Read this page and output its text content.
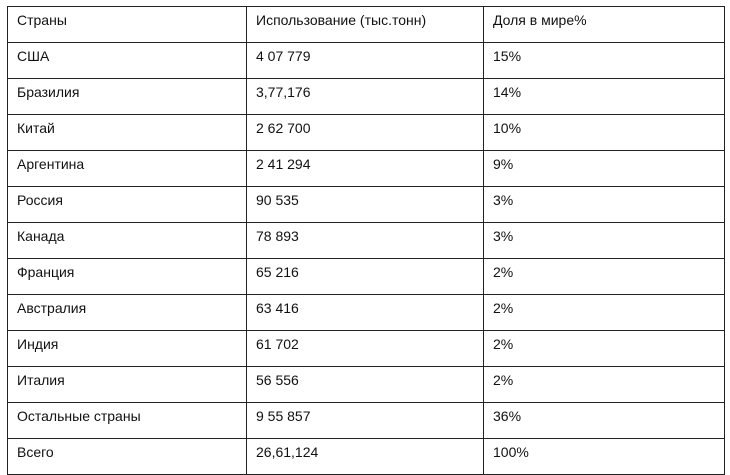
Страны	Использование (тыс.тонн)	Доля в мире%
США	4 07 779	15%
Бразилия	3,77,176	14%
Китай	2 62 700	10%
Аргентина	2 41 294	9%
Россия	90 535	3%
Канада	78 893	3%
Франция	65 216	2%
Австралия	63 416	2%
Индия	61 702	2%
Италия	56 556	2%
Остальные страны	9 55 857	36%
Всего	26,61,124	100%
